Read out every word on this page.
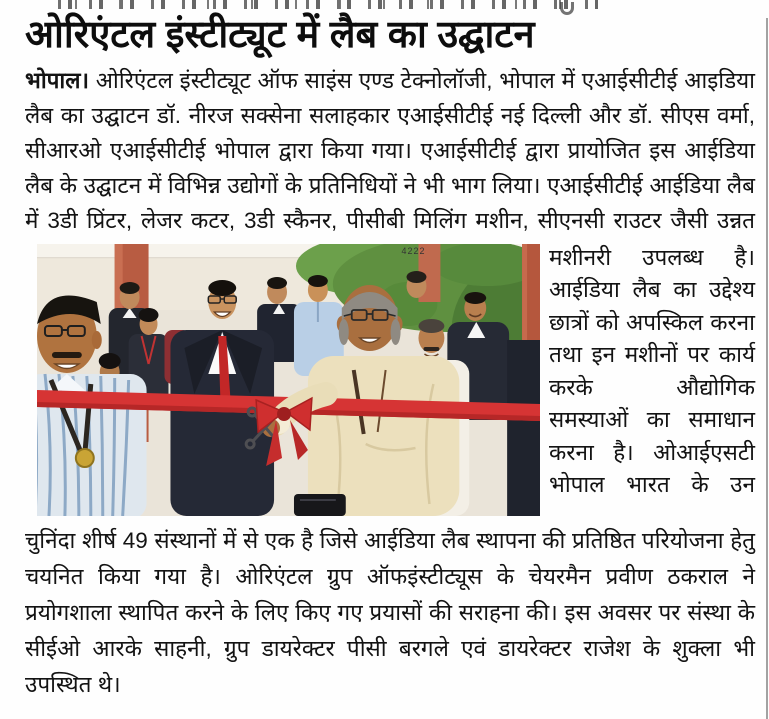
ओरिएंटल इंस्टीट्यूट में लैब का उद्घाटन

भोपाल। ओरिएंटल इंस्टीट्यूट ऑफ साइंस एण्ड टेक्नोलॉजी, भोपाल में एआईसीटीई आइडिया लैब का उद्घाटन डॉ. नीरज सक्सेना सलाहकार एआईसीटीई नई दिल्ली और डॉ. सीएस वर्मा, सीआरओ एआईसीटीई भोपाल द्वारा किया गया। एआईसीटीई द्वारा प्रायोजित इस आईडिया लैब के उद्घाटन में विभिन्न उद्योगों के प्रतिनिधियों ने भी भाग लिया। एआईसीटीई आईडिया लैब में 3डी प्रिंटर, लेजर कटर, 3डी स्कैनर, पीसीबी मिलिंग मशीन, सीएनसी राउटर जैसी उन्नत

4222	मशीनरी उपलब्ध है। आईडिया लैब का उद्देश्य छात्रों को अपस्किल करना तथा इन मशीनों पर कार्य करके औद्योगिक समस्याओं का समाधान करना है। ओआईएसटी भोपाल भारत के उन

चुनिंदा शीर्ष 49 संस्थानों में से एक है जिसे आईडिया लैब स्थापना की प्रतिष्ठित परियोजना हेतु चयनित किया गया है। ओरिएंटल ग्रुप ऑफइंस्टीट्यूस के चेयरमैन प्रवीण ठकराल ने प्रयोगशाला स्थापित करने के लिए किए गए प्रयासों की सराहना की। इस अवसर पर संस्था के सीईओ आरके साहनी, ग्रुप डायरेक्टर पीसी बरगले एवं डायरेक्टर राजेश के शुक्ला भी उपस्थित थे।
